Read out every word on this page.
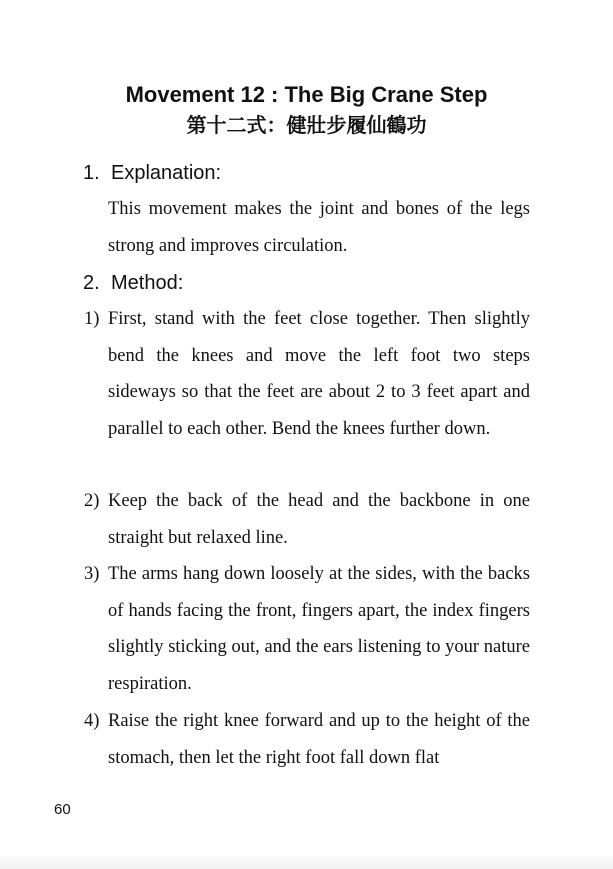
Movement 12 : The Big Crane Step
第十二式：健壯步履仙鶴功
1. Explanation:
This movement makes the joint and bones of the legs strong and improves circulation.
2. Method:
1) First, stand with the feet close together. Then slightly bend the knees and move the left foot two steps sideways so that the feet are about 2 to 3 feet apart and parallel to each other. Bend the knees further down.
2) Keep the back of the head and the backbone in one straight but relaxed line.
3) The arms hang down loosely at the sides, with the backs of hands facing the front, fingers apart, the index fingers slightly sticking out, and the ears listening to your nature respiration.
4) Raise the right knee forward and up to the height of the stomach, then let the right foot fall down flat
60
